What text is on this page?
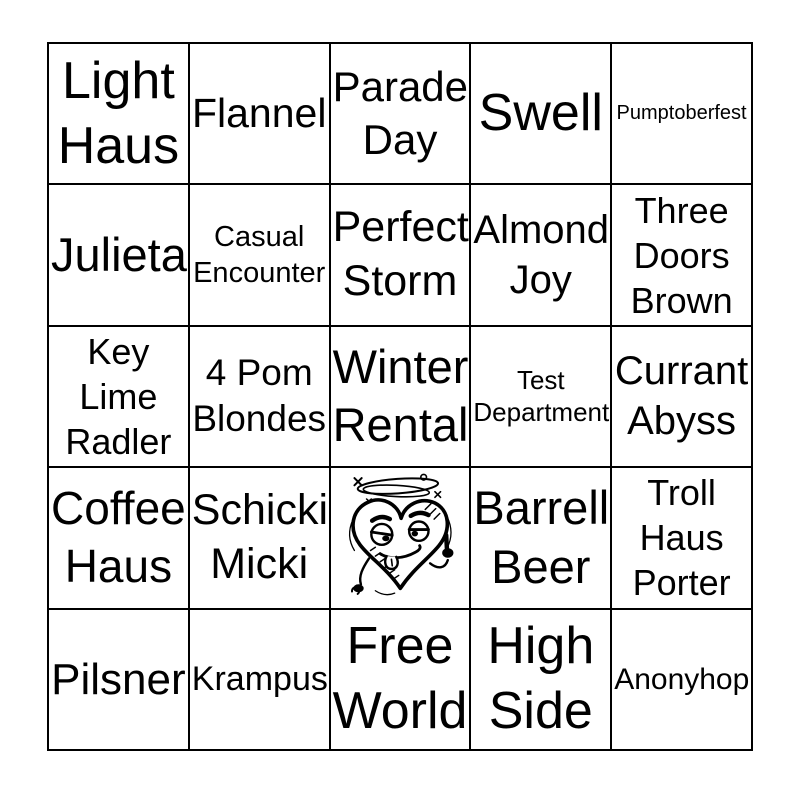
Light Haus
Flannel
Parade Day Swell Pumptoberfest
Julieta Casual Encounter
Perfect Storm
Almond Joy
Three Doors Brown
Key Lime Radler
4 Pom Blondes
Winter Rental
Test Department
Currant Abyss
Coffee Haus
Schicki Micki
Barrell Beer
Troll Haus Porter
Pilsner Krampus
Free World
High Side
Anonyhop
